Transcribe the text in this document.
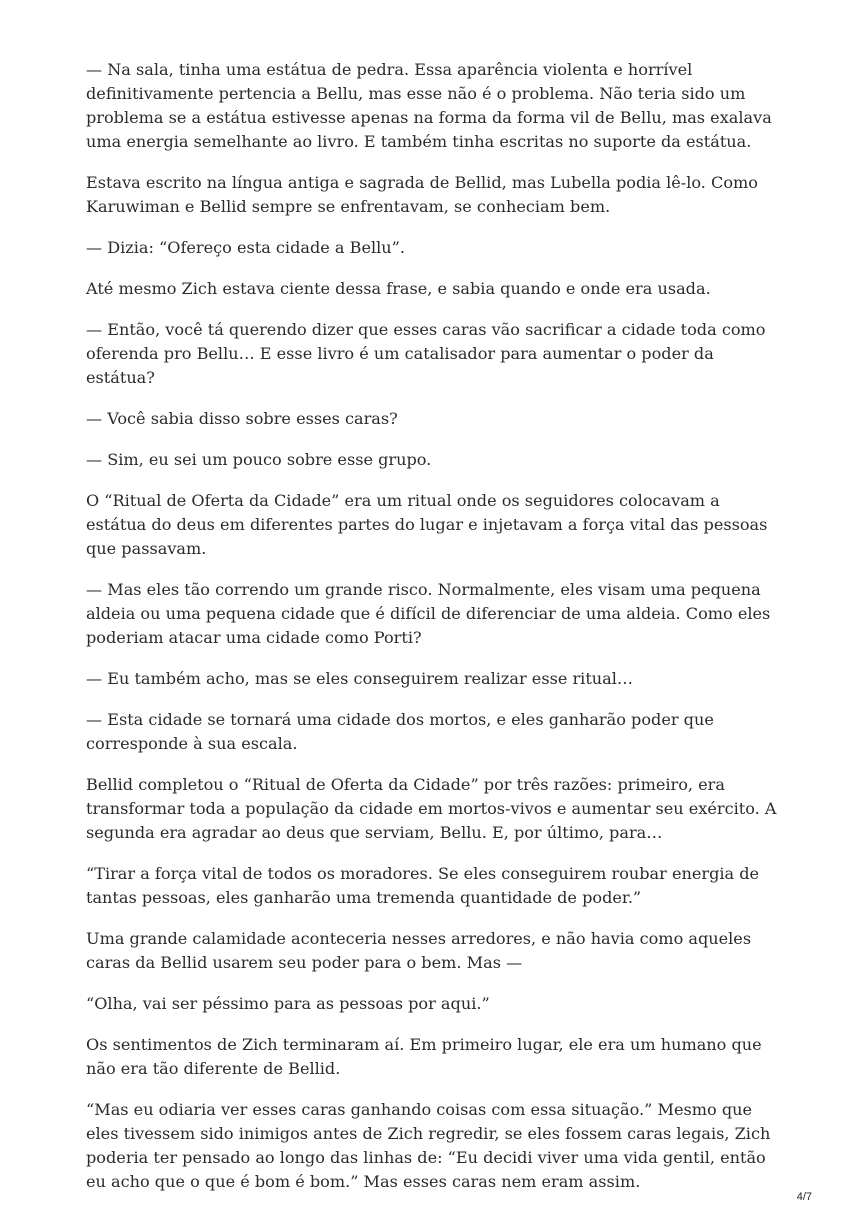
— Na sala, tinha uma estátua de pedra. Essa aparência violenta e horrível definitivamente pertencia a Bellu, mas esse não é o problema. Não teria sido um problema se a estátua estivesse apenas na forma da forma vil de Bellu, mas exalava uma energia semelhante ao livro. E também tinha escritas no suporte da estátua.

Estava escrito na língua antiga e sagrada de Bellid, mas Lubella podia lê-lo. Como Karuwiman e Bellid sempre se enfrentavam, se conheciam bem.

— Dizia: “Ofereço esta cidade a Bellu”.

Até mesmo Zich estava ciente dessa frase, e sabia quando e onde era usada.

— Então, você tá querendo dizer que esses caras vão sacrificar a cidade toda como oferenda pro Bellu… E esse livro é um catalisador para aumentar o poder da estátua?

— Você sabia disso sobre esses caras?

— Sim, eu sei um pouco sobre esse grupo.

O “Ritual de Oferta da Cidade” era um ritual onde os seguidores colocavam a estátua do deus em diferentes partes do lugar e injetavam a força vital das pessoas que passavam.

— Mas eles tão correndo um grande risco. Normalmente, eles visam uma pequena aldeia ou uma pequena cidade que é difícil de diferenciar de uma aldeia. Como eles poderiam atacar uma cidade como Porti?

— Eu também acho, mas se eles conseguirem realizar esse ritual…

— Esta cidade se tornará uma cidade dos mortos, e eles ganharão poder que corresponde à sua escala.

Bellid completou o “Ritual de Oferta da Cidade” por três razões: primeiro, era transformar toda a população da cidade em mortos-vivos e aumentar seu exército. A segunda era agradar ao deus que serviam, Bellu. E, por último, para…

“Tirar a força vital de todos os moradores. Se eles conseguirem roubar energia de tantas pessoas, eles ganharão uma tremenda quantidade de poder.”

Uma grande calamidade aconteceria nesses arredores, e não havia como aqueles caras da Bellid usarem seu poder para o bem. Mas —

“Olha, vai ser péssimo para as pessoas por aqui.”

Os sentimentos de Zich terminaram aí. Em primeiro lugar, ele era um humano que não era tão diferente de Bellid.

“Mas eu odiaria ver esses caras ganhando coisas com essa situação.” Mesmo que eles tivessem sido inimigos antes de Zich regredir, se eles fossem caras legais, Zich poderia ter pensado ao longo das linhas de: “Eu decidi viver uma vida gentil, então eu acho que o que é bom é bom.” Mas esses caras nem eram assim.

4/7
